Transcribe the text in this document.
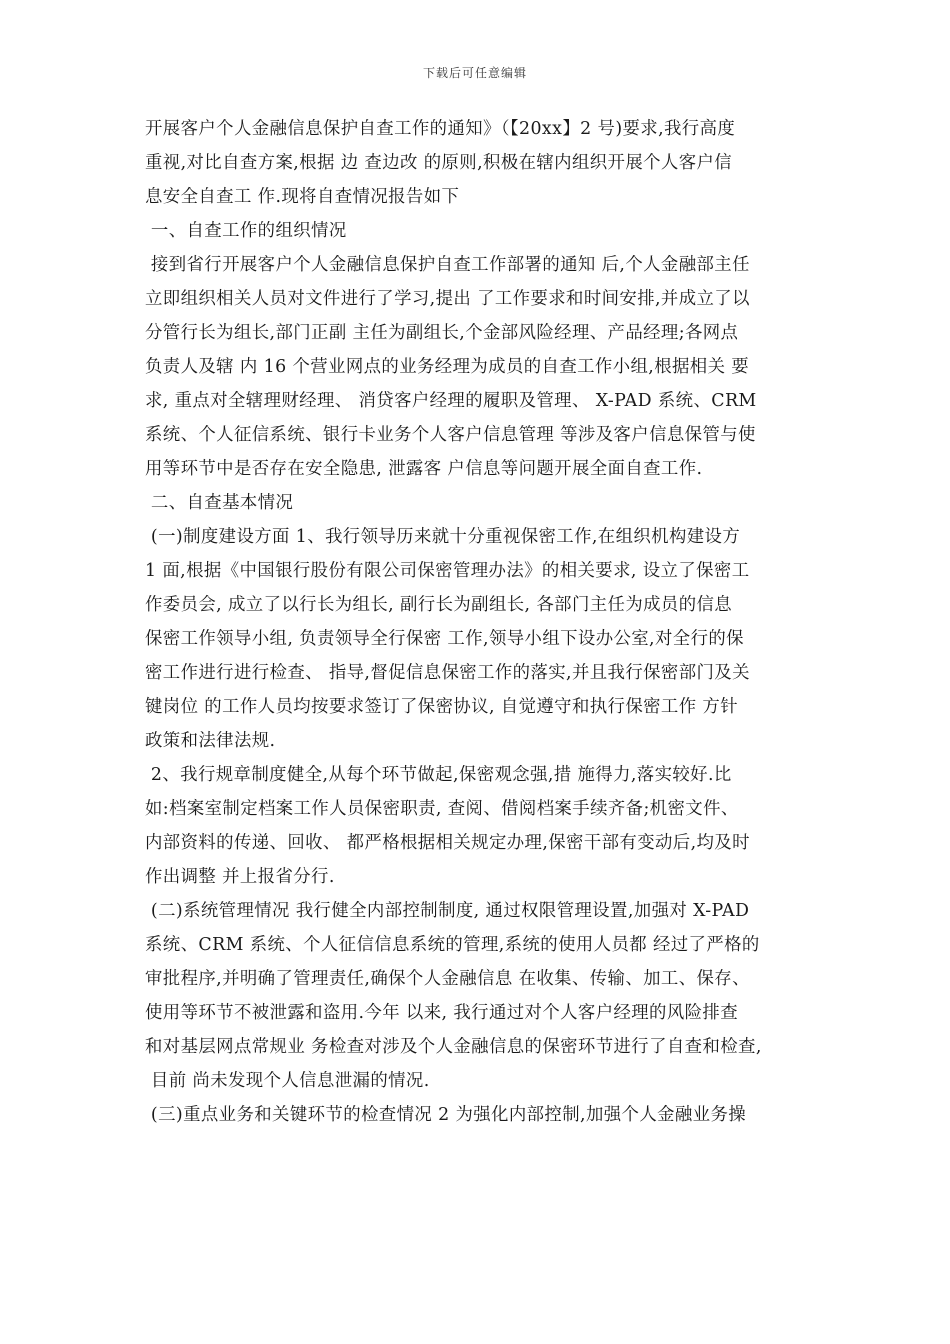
下载后可任意编辑
开展客户个人金融信息保护自查工作的通知》（【20xx】2 号)要求,我行高度
重视,对比自查方案,根据 边 查边改 的原则,积极在辖内组织开展个人客户信
息安全自查工 作.现将自查情况报告如下
一、自查工作的组织情况
接到省行开展客户个人金融信息保护自查工作部署的通知 后,个人金融部主任
立即组织相关人员对文件进行了学习,提出 了工作要求和时间安排,并成立了以
分管行长为组长,部门正副 主任为副组长,个金部风险经理、产品经理;各网点
负责人及辖 内 16 个营业网点的业务经理为成员的自查工作小组,根据相关 要
求, 重点对全辖理财经理、 消贷客户经理的履职及管理、 X-PAD 系统、CRM
系统、个人征信系统、银行卡业务个人客户信息管理 等涉及客户信息保管与使
用等环节中是否存在安全隐患, 泄露客 户信息等问题开展全面自查工作.
二、自查基本情况
(一)制度建设方面 1、我行领导历来就十分重视保密工作,在组织机构建设方
1 面,根据《中国银行股份有限公司保密管理办法》的相关要求, 设立了保密工
作委员会, 成立了以行长为组长, 副行长为副组长, 各部门主任为成员的信息
保密工作领导小组, 负责领导全行保密 工作,领导小组下设办公室,对全行的保
密工作进行进行检查、 指导,督促信息保密工作的落实,并且我行保密部门及关
键岗位 的工作人员均按要求签订了保密协议, 自觉遵守和执行保密工作 方针
政策和法律法规.
2、我行规章制度健全,从每个环节做起,保密观念强,措 施得力,落实较好.比
如:档案室制定档案工作人员保密职责, 查阅、借阅档案手续齐备;机密文件、
内部资料的传递、回收、 都严格根据相关规定办理,保密干部有变动后,均及时
作出调整 并上报省分行.
(二)系统管理情况 我行健全内部控制制度, 通过权限管理设置,加强对 X-PAD
系统、CRM 系统、个人征信信息系统的管理,系统的使用人员都 经过了严格的
审批程序,并明确了管理责任,确保个人金融信息 在收集、传输、加工、保存、
使用等环节不被泄露和盗用.今年 以来, 我行通过对个人客户经理的风险排查
和对基层网点常规业 务检查对涉及个人金融信息的保密环节进行了自查和检查,
目前 尚未发现个人信息泄漏的情况.
(三)重点业务和关键环节的检查情况 2 为强化内部控制,加强个人金融业务操
